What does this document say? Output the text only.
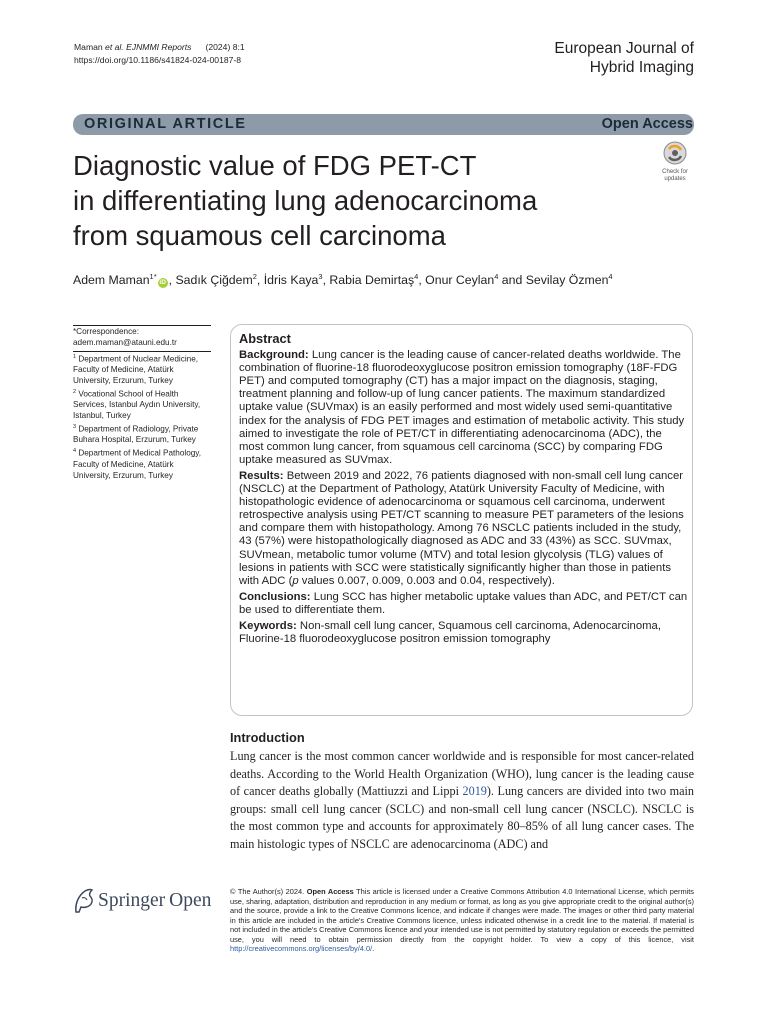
Maman et al. EJNMMI Reports (2024) 8:1
https://doi.org/10.1186/s41824-024-00187-8
European Journal of
Hybrid Imaging
ORIGINAL ARTICLE	Open Access
Diagnostic value of FDG PET-CT
in differentiating lung adenocarcinoma
from squamous cell carcinoma
Check for
updates
Adem Maman$^{1*}$iD , Sadık Çiğdem$^2$, İdris Kaya$^3$, Rabia Demirtaş$^4$, Onur Ceylan$^4$ and Sevilay Özmen$^4$
*Correspondence:
adem.maman@atauni.edu.tr
$^1$ Department of Nuclear Medicine, Faculty of Medicine, Atatürk University, Erzurum, Turkey
$^2$ Vocational School of Health Services, Istanbul Aydın University, Istanbul, Turkey
$^3$ Department of Radiology, Private Buhara Hospital, Erzurum, Turkey
$^4$ Department of Medical Pathology, Faculty of Medicine, Atatürk University, Erzurum, Turkey
Abstract

Background: Lung cancer is the leading cause of cancer-related deaths worldwide. The combination of fluorine-18 fluorodeoxyglucose positron emission tomography (18F-FDG PET) and computed tomography (CT) has a major impact on the diagnosis, staging, treatment planning and follow-up of lung cancer patients. The maximum standardized uptake value (SUVmax) is an easily performed and most widely used semi-quantitative index for the analysis of FDG PET images and estimation of metabolic activity. This study aimed to investigate the role of PET/CT in differentiating adenocarcinoma (ADC), the most common lung cancer, from squamous cell carcinoma (SCC) by comparing FDG uptake measured as SUVmax.

Results: Between 2019 and 2022, 76 patients diagnosed with non-small cell lung cancer (NSCLC) at the Department of Pathology, Atatürk University Faculty of Medicine, with histopathologic evidence of adenocarcinoma or squamous cell carcinoma, underwent retrospective analysis using PET/CT scanning to measure PET parameters of the lesions and compare them with histopathology. Among 76 NSCLC patients included in the study, 43 (57%) were histopathologically diagnosed as ADC and 33 (43%) as SCC. SUVmax, SUVmean, metabolic tumor volume (MTV) and total lesion glycolysis (TLG) values of lesions in patients with SCC were statistically significantly higher than those in patients with ADC (p values 0.007, 0.009, 0.003 and 0.04, respectively).

Conclusions: Lung SCC has higher metabolic uptake values than ADC, and PET/CT can be used to differentiate them.

Keywords: Non-small cell lung cancer, Squamous cell carcinoma, Adenocarcinoma, Fluorine-18 fluorodeoxyglucose positron emission tomography

Introduction

Lung cancer is the most common cancer worldwide and is responsible for most cancer-related deaths. According to the World Health Organization (WHO), lung cancer is the leading cause of cancer deaths globally (Mattiuzzi and Lippi 2019). Lung cancers are divided into two main groups: small cell lung cancer (SCLC) and non-small cell lung cancer (NSCLC). NSCLC is the most common type and accounts for approximately 80–85% of all lung cancer cases. The main histologic types of NSCLC are adenocarcinoma (ADC) and

Springer Open	© The Author(s) 2024. Open Access This article is licensed under a Creative Commons Attribution 4.0 International License, which permits use, sharing, adaptation, distribution and reproduction in any medium or format, as long as you give appropriate credit to the original author(s) and the source, provide a link to the Creative Commons licence, and indicate if changes were made. The images or other third party material in this article are included in the article's Creative Commons licence, unless indicated otherwise in a credit line to the material. If material is not included in the article's Creative Commons licence and your intended use is not permitted by statutory regulation or exceeds the permitted use, you will need to obtain permission directly from the copyright holder. To view a copy of this licence, visit http://creativecommons.org/licenses/by/4.0/.
